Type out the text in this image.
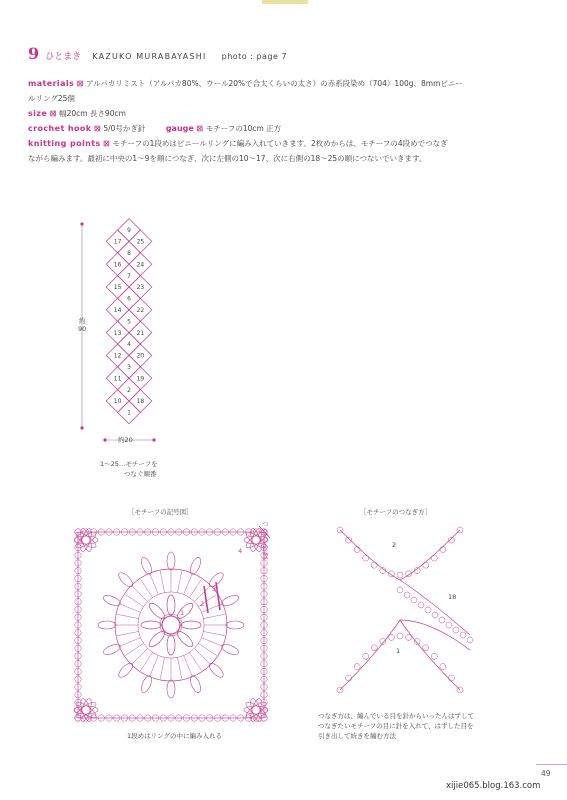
9 ひとまき KAZUKO MURABAYASHI photo : page 7
materials ⊠ アルパカリミスト（アルパカ80%、ウール20%で合太くらいの太さ）の赤系段染め（704）100g、8mmビニー
ルリング25個
size ⊠ 幅20cm 長さ90cm
crochet hook ⊠ 5/0号かぎ針	gauge ⊠ モチーフの10cm 正方
knitting points ⊠ モチーフの1段めはビニールリングに編み入れていきます。2枚めからは、モチーフの4段めでつなぎ
ながら編みます。最初に中央の1～9を順につなぎ、次に左側の10～17、次に右側の18～25の順につないでいきます。
9
8
7
6
5
4
3
2
1
17
16
15
14
13
12
11
10
25
24
23
22
21
20
19
18
約
90
約20
1～25…モチーフを
つなぐ順番
［モチーフの記号図］
つなぐ位置
4
3
2
1
1段めはリングの中に編み入れる
［モチーフのつなぎ方］
2
18
1
つなぎ方は、編んでいる目を針からいったんはずして
つなぎたいモチーフの目に針を入れて、はずした目を
引き出して続きを編む方法
49
xijie065.blog.163.com
